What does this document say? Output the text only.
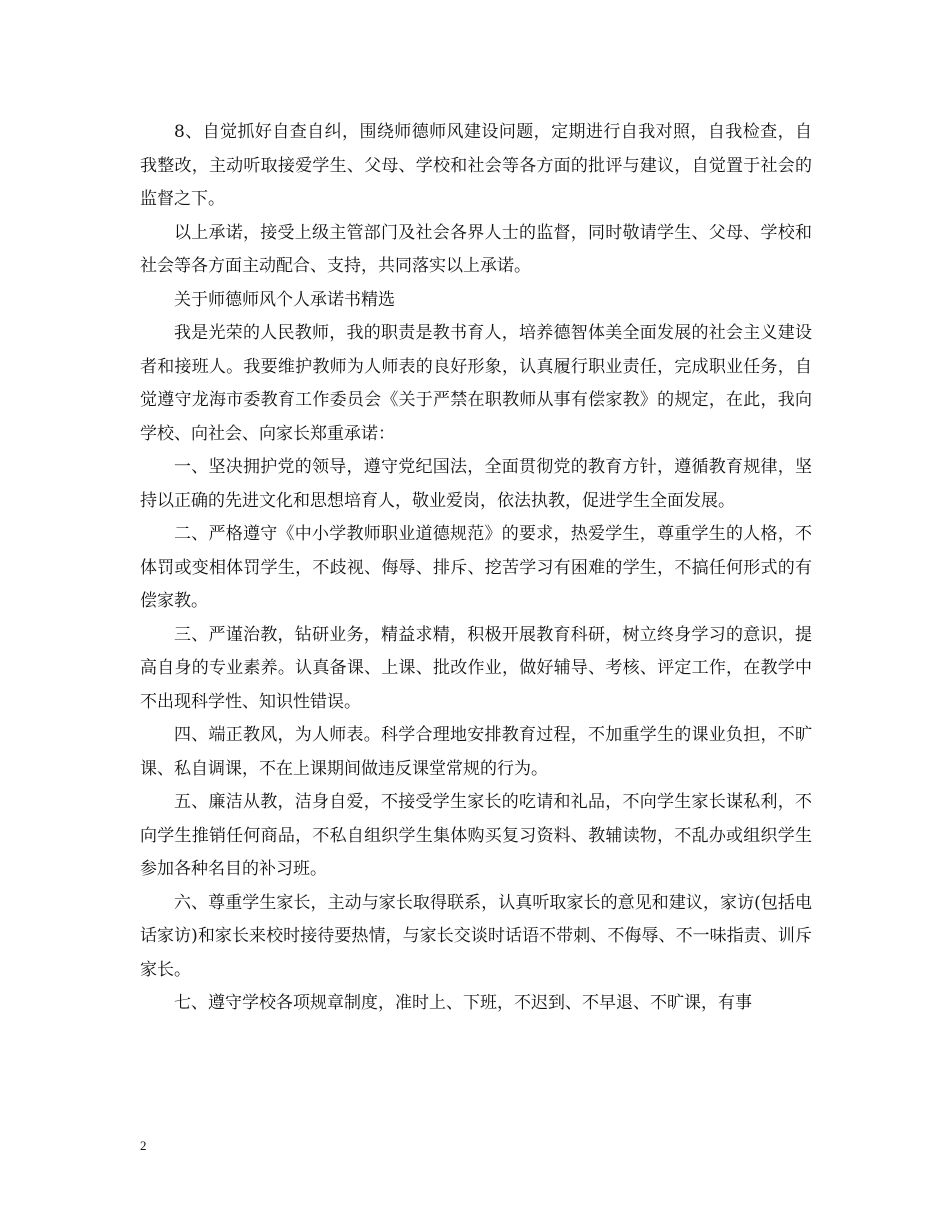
8、自觉抓好自查自纠，围绕师德师风建设问题，定期进行自我对照，自我检查，自我整改，主动听取接爱学生、父母、学校和社会等各方面的批评与建议，自觉置于社会的监督之下。

以上承诺，接受上级主管部门及社会各界人士的监督，同时敬请学生、父母、学校和社会等各方面主动配合、支持，共同落实以上承诺。

关于师德师风个人承诺书精选

我是光荣的人民教师，我的职责是教书育人，培养德智体美全面发展的社会主义建设者和接班人。我要维护教师为人师表的良好形象，认真履行职业责任，完成职业任务，自觉遵守龙海市委教育工作委员会《关于严禁在职教师从事有偿家教》的规定，在此，我向学校、向社会、向家长郑重承诺：

一、坚决拥护党的领导，遵守党纪国法，全面贯彻党的教育方针，遵循教育规律，坚持以正确的先进文化和思想培育人，敬业爱岗，依法执教，促进学生全面发展。

二、严格遵守《中小学教师职业道德规范》的要求，热爱学生，尊重学生的人格，不体罚或变相体罚学生，不歧视、侮辱、排斥、挖苦学习有困难的学生，不搞任何形式的有偿家教。

三、严谨治教，钻研业务，精益求精，积极开展教育科研，树立终身学习的意识，提高自身的专业素养。认真备课、上课、批改作业，做好辅导、考核、评定工作，在教学中不出现科学性、知识性错误。

四、端正教风，为人师表。科学合理地安排教育过程，不加重学生的课业负担，不旷课、私自调课，不在上课期间做违反课堂常规的行为。

五、廉洁从教，洁身自爱，不接受学生家长的吃请和礼品，不向学生家长谋私利，不向学生推销任何商品，不私自组织学生集体购买复习资料、教辅读物，不乱办或组织学生参加各种名目的补习班。

六、尊重学生家长，主动与家长取得联系，认真听取家长的意见和建议，家访(包括电话家访)和家长来校时接待要热情，与家长交谈时话语不带刺、不侮辱、不一味指责、训斥家长。

七、遵守学校各项规章制度，准时上、下班，不迟到、不早退、不旷课，有事

2
